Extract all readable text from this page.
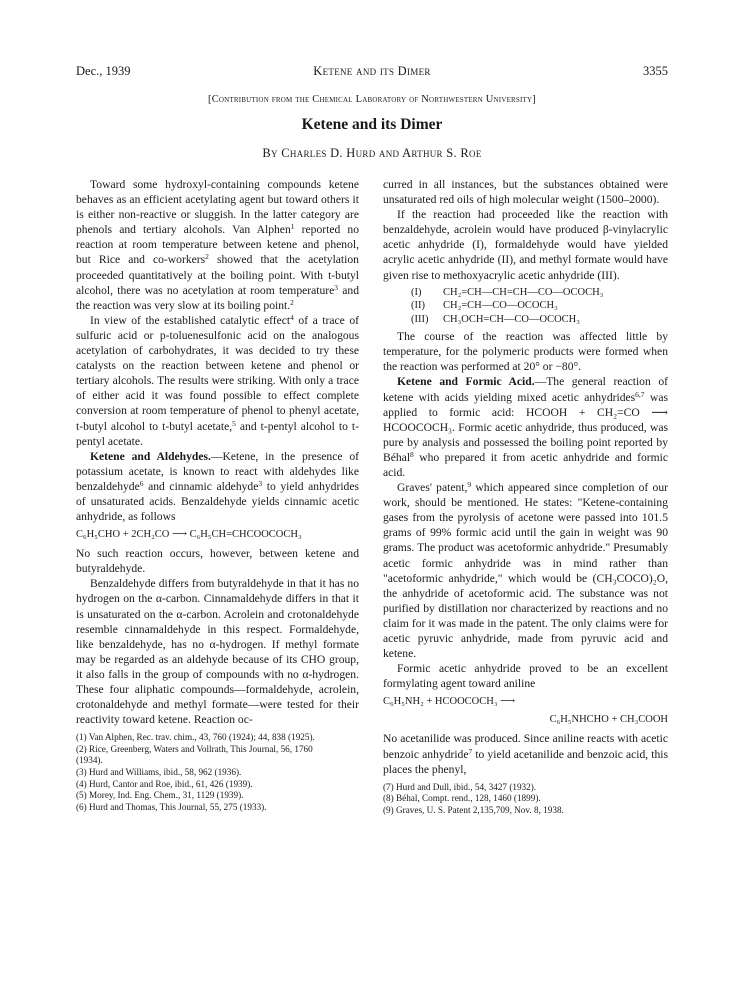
Dec., 1939	Ketene and its Dimer	3355
[Contribution from the Chemical Laboratory of Northwestern University]
Ketene and its Dimer
By Charles D. Hurd and Arthur S. Roe

Toward some hydroxyl-containing compounds ketene behaves as an efficient acetylating agent but toward others it is either non-reactive or sluggish. In the latter category are phenols and tertiary alcohols. Van Alphen$^1$ reported no reaction at room temperature between ketene and phenol, but Rice and co-workers$^2$ showed that the acetylation proceeded quantitatively at the boiling point. With t-butyl alcohol, there was no acetylation at room temperature$^3$ and the reaction was very slow at its boiling point.$^2$

In view of the established catalytic effect$^4$ of a trace of sulfuric acid or p-toluenesulfonic acid on the analogous acetylation of carbohydrates, it was decided to try these catalysts on the reaction between ketene and phenol or tertiary alcohols. The results were striking. With only a trace of either acid it was found possible to effect complete conversion at room temperature of phenol to phenyl acetate, t-butyl alcohol to t-butyl acetate,$^5$ and t-pentyl alcohol to t-pentyl acetate.

Ketene and Aldehydes.—Ketene, in the presence of potassium acetate, is known to react with aldehydes like benzaldehyde$^6$ and cinnamic aldehyde$^3$ to yield anhydrides of unsaturated acids. Benzaldehyde yields cinnamic acetic anhydride, as follows

C₆H₅CHO + 2CH₂CO ⟶ C₆H₅CH=CHCOOCOCH₃

No such reaction occurs, however, between ketene and butyraldehyde.

Benzaldehyde differs from butyraldehyde in that it has no hydrogen on the α-carbon. Cinnamaldehyde differs in that it is unsaturated on the α-carbon. Acrolein and crotonaldehyde resemble cinnamaldehyde in this respect. Formaldehyde, like benzaldehyde, has no α-hydrogen. If methyl formate may be regarded as an aldehyde because of its CHO group, it also falls in the group of compounds with no α-hydrogen. These four aliphatic compounds—formaldehyde, acrolein, crotonaldehyde and methyl formate—were tested for their reactivity toward ketene. Reaction oc-

(1) Van Alphen, Rec. trav. chim., 43, 760 (1924); 44, 838 (1925).
(2) Rice, Greenberg, Waters and Vollrath, This Journal, 56, 1760
(1934).
(3) Hurd and Williams, ibid., 58, 962 (1936).
(4) Hurd, Cantor and Roe, ibid., 61, 426 (1939).
(5) Morey, Ind. Eng. Chem., 31, 1129 (1939).
(6) Hurd and Thomas, This Journal, 55, 275 (1933).

curred in all instances, but the substances obtained were unsaturated red oils of high molecular weight (1500–2000).

If the reaction had proceeded like the reaction with benzaldehyde, acrolein would have produced β-vinylacrylic acetic anhydride (I), formaldehyde would have yielded acrylic acetic anhydride (II), and methyl formate would have given rise to methoxyacrylic acetic anhydride (III).

(I) CH₂=CH—CH=CH—CO—OCOCH₃
(II) CH₂=CH—CO—OCOCH₃
(III) CH₃OCH=CH—CO—OCOCH₃

The course of the reaction was affected little by temperature, for the polymeric products were formed when the reaction was performed at 20° or −80°.

Ketene and Formic Acid.—The general reaction of ketene with acids yielding mixed acetic anhydrides$^{6,7}$ was applied to formic acid: HCOOH + CH₂=CO ⟶ HCOOCOCH₃. Formic acetic anhydride, thus produced, was pure by analysis and possessed the boiling point reported by Béhal$^8$ who prepared it from acetic anhydride and formic acid.

Graves' patent,$^9$ which appeared since completion of our work, should be mentioned. He states: "Ketene-containing gases from the pyrolysis of acetone were passed into 101.5 grams of 99% formic acid until the gain in weight was 90 grams. The product was acetoformic anhydride." Presumably acetic formic anhydride was in mind rather than "acetoformic anhydride," which would be (CH₃COCO)₂O, the anhydride of acetoformic acid. The substance was not purified by distillation nor characterized by reactions and no claim for it was made in the patent. The only claims were for acetic pyruvic anhydride, made from pyruvic acid and ketene.

Formic acetic anhydride proved to be an excellent formylating agent toward aniline

C₆H₅NH₂ + HCOOCOCH₃ ⟶
C₆H₅NHCHO + CH₃COOH

No acetanilide was produced. Since aniline reacts with acetic benzoic anhydride$^7$ to yield acetanilide and benzoic acid, this places the phenyl,

(7) Hurd and Dull, ibid., 54, 3427 (1932).
(8) Béhal, Compt. rend., 128, 1460 (1899).
(9) Graves, U. S. Patent 2,135,709, Nov. 8, 1938.
